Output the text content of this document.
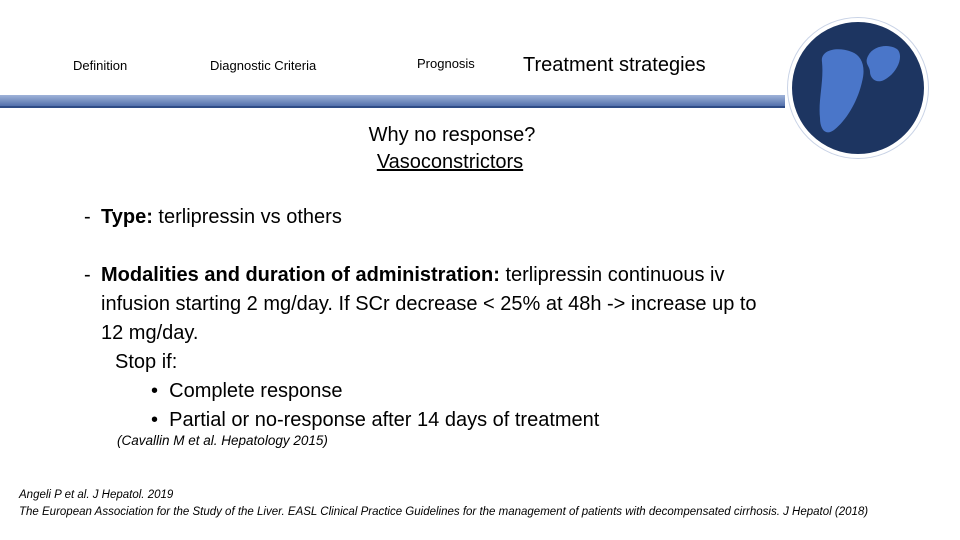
Definition	Diagnostic Criteria	Prognosis Treatment strategies
Why no response?
Vasoconstrictors
- Type: terlipressin vs others
- Modalities and duration of administration: terlipressin continuous iv
infusion starting 2 mg/day. If SCr decrease < 25% at 48h -> increase up to
12 mg/day.
Stop if:
•  Complete response
•  Partial or no-response after 14 days of treatment
(Cavallin M et al. Hepatology 2015)
Angeli P et al. J Hepatol. 2019
The European Association for the Study of the Liver. EASL Clinical Practice Guidelines for the management of patients with decompensated cirrhosis. J Hepatol (2018)
